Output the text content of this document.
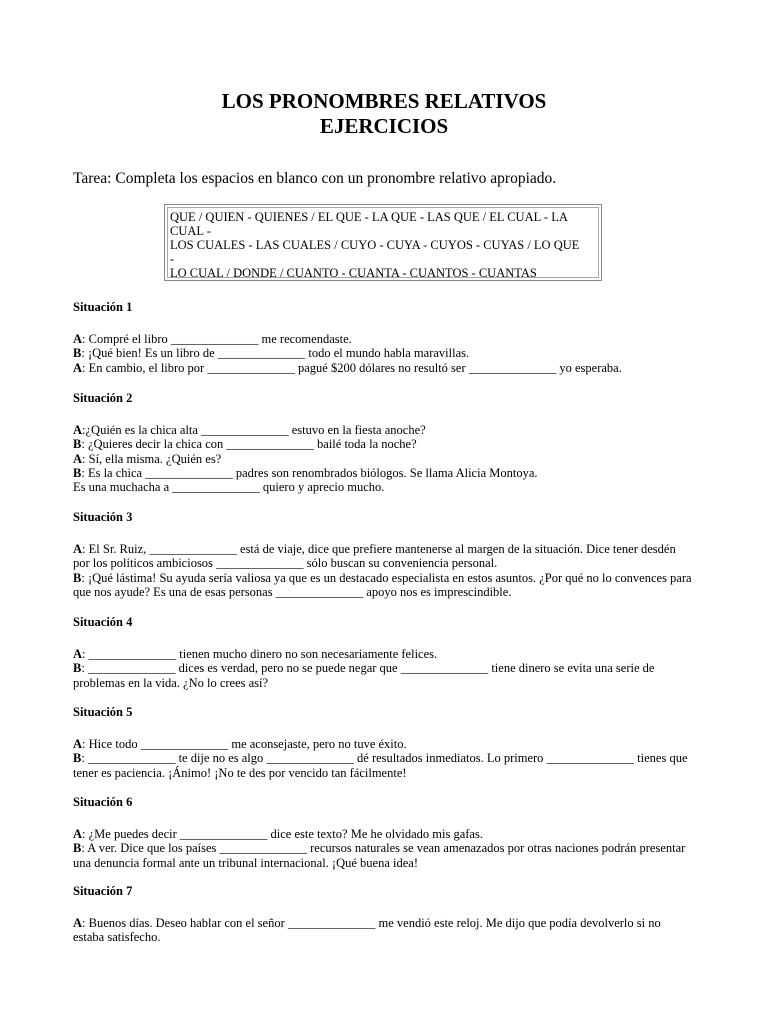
LOS PRONOMBRES RELATIVOS
EJERCICIOS
Tarea: Completa los espacios en blanco con un pronombre relativo apropiado.
QUE / QUIEN - QUIENES / EL QUE - LA QUE - LAS QUE / EL CUAL - LA
CUAL -
LOS CUALES - LAS CUALES / CUYO - CUYA - CUYOS - CUYAS / LO QUE
-
LO CUAL / DONDE / CUANTO - CUANTA - CUANTOS - CUANTAS
Situación 1
A: Compré el libro ______________ me recomendaste.
B: ¡Qué bien! Es un libro de ______________ todo el mundo habla maravillas.
A: En cambio, el libro por ______________ pagué $200 dólares no resultó ser ______________ yo esperaba.
Situación 2
A:¿Quién es la chica alta ______________ estuvo en la fiesta anoche?
B: ¿Quieres decir la chica con ______________ bailé toda la noche?
A: Sí, ella misma. ¿Quién es?
B: Es la chica ______________ padres son renombrados biólogos. Se llama Alicia Montoya.
Es una muchacha a ______________ quiero y aprecio mucho.
Situación 3
A: El Sr. Ruiz, ______________ está de viaje, dice que prefiere mantenerse al margen de la situación. Dice tener desdén por los políticos ambiciosos ______________ sólo buscan su conveniencia personal.
B: ¡Qué lástima! Su ayuda sería valiosa ya que es un destacado especialista en estos asuntos. ¿Por qué no lo convences para que nos ayude? Es una de esas personas ______________ apoyo nos es imprescindible.
Situación 4
A: ______________ tienen mucho dinero no son necesariamente felices.
B: ______________ dices es verdad, pero no se puede negar que ______________ tiene dinero se evita una serie de problemas en la vida. ¿No lo crees así?
Situación 5
A: Hice todo ______________ me aconsejaste, pero no tuve éxito.
B: ______________ te dije no es algo ______________ dé resultados inmediatos. Lo primero ______________ tienes que tener es paciencia. ¡Ánimo! ¡No te des por vencido tan fácilmente!
Situación 6
A: ¿Me puedes decir ______________ dice este texto? Me he olvidado mis gafas.
B: A ver. Dice que los países ______________ recursos naturales se vean amenazados por otras naciones podrán presentar una denuncia formal ante un tribunal internacional. ¡Qué buena idea!
Situación 7
A: Buenos días. Deseo hablar con el señor ______________ me vendió este reloj. Me dijo que podía devolverlo si no estaba satisfecho.
